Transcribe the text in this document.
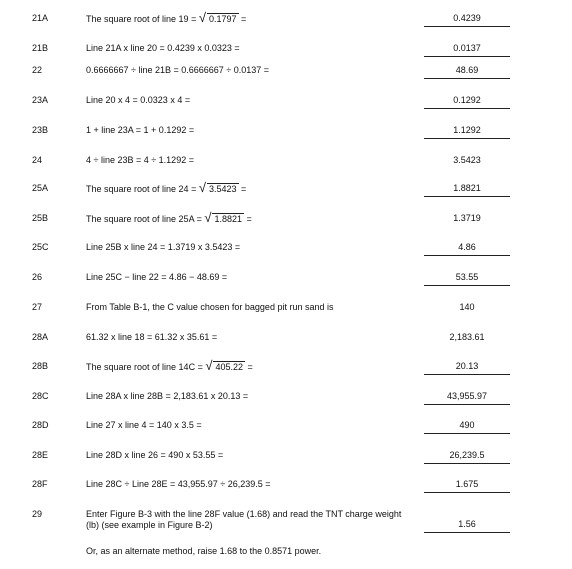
21A	The square root of line 19 = √ 0.1797 =	0.4239
21B	Line 21A x line 20 = 0.4239 x 0.0323 =	0.0137
22	0.6666667 ÷ line 21B = 0.6666667 ÷ 0.0137 =	48.69
23A	Line 20 x 4 = 0.0323 x 4 =	0.1292
23B	1 + line 23A = 1 + 0.1292 =	1.1292
24	4 ÷ line 23B = 4 ÷ 1.1292 =	3.5423
25A	The square root of line 24 = √ 3.5423 =	1.8821
25B	The square root of line 25A = √ 1.8821 =	1.3719
25C	Line 25B x line 24 = 1.3719 x 3.5423 =	4.86
26	Line 25C − line 22 = 4.86 − 48.69 =	53.55
27	From Table B-1, the C value chosen for bagged pit run sand is	140
28A	61.32 x line 18 = 61.32 x 35.61 =	2,183.61
28B	The square root of line 14C = √ 405.22 =	20.13
28C	Line 28A x line 28B = 2,183.61 x 20.13 =	43,955.97
28D	Line 27 x line 4 = 140 x 3.5 =	490
28E	Line 28D x line 26 = 490 x 53.55 =	26,239.5
28F	Line 28C ÷ Line 28E = 43,955.97 ÷ 26,239.5 =	1.675
29	Enter Figure B-3 with the line 28F value (1.68) and read the TNT charge weight (lb) (see example in Figure B-2)	1.56
Or, as an alternate method, raise 1.68 to the 0.8571 power.
